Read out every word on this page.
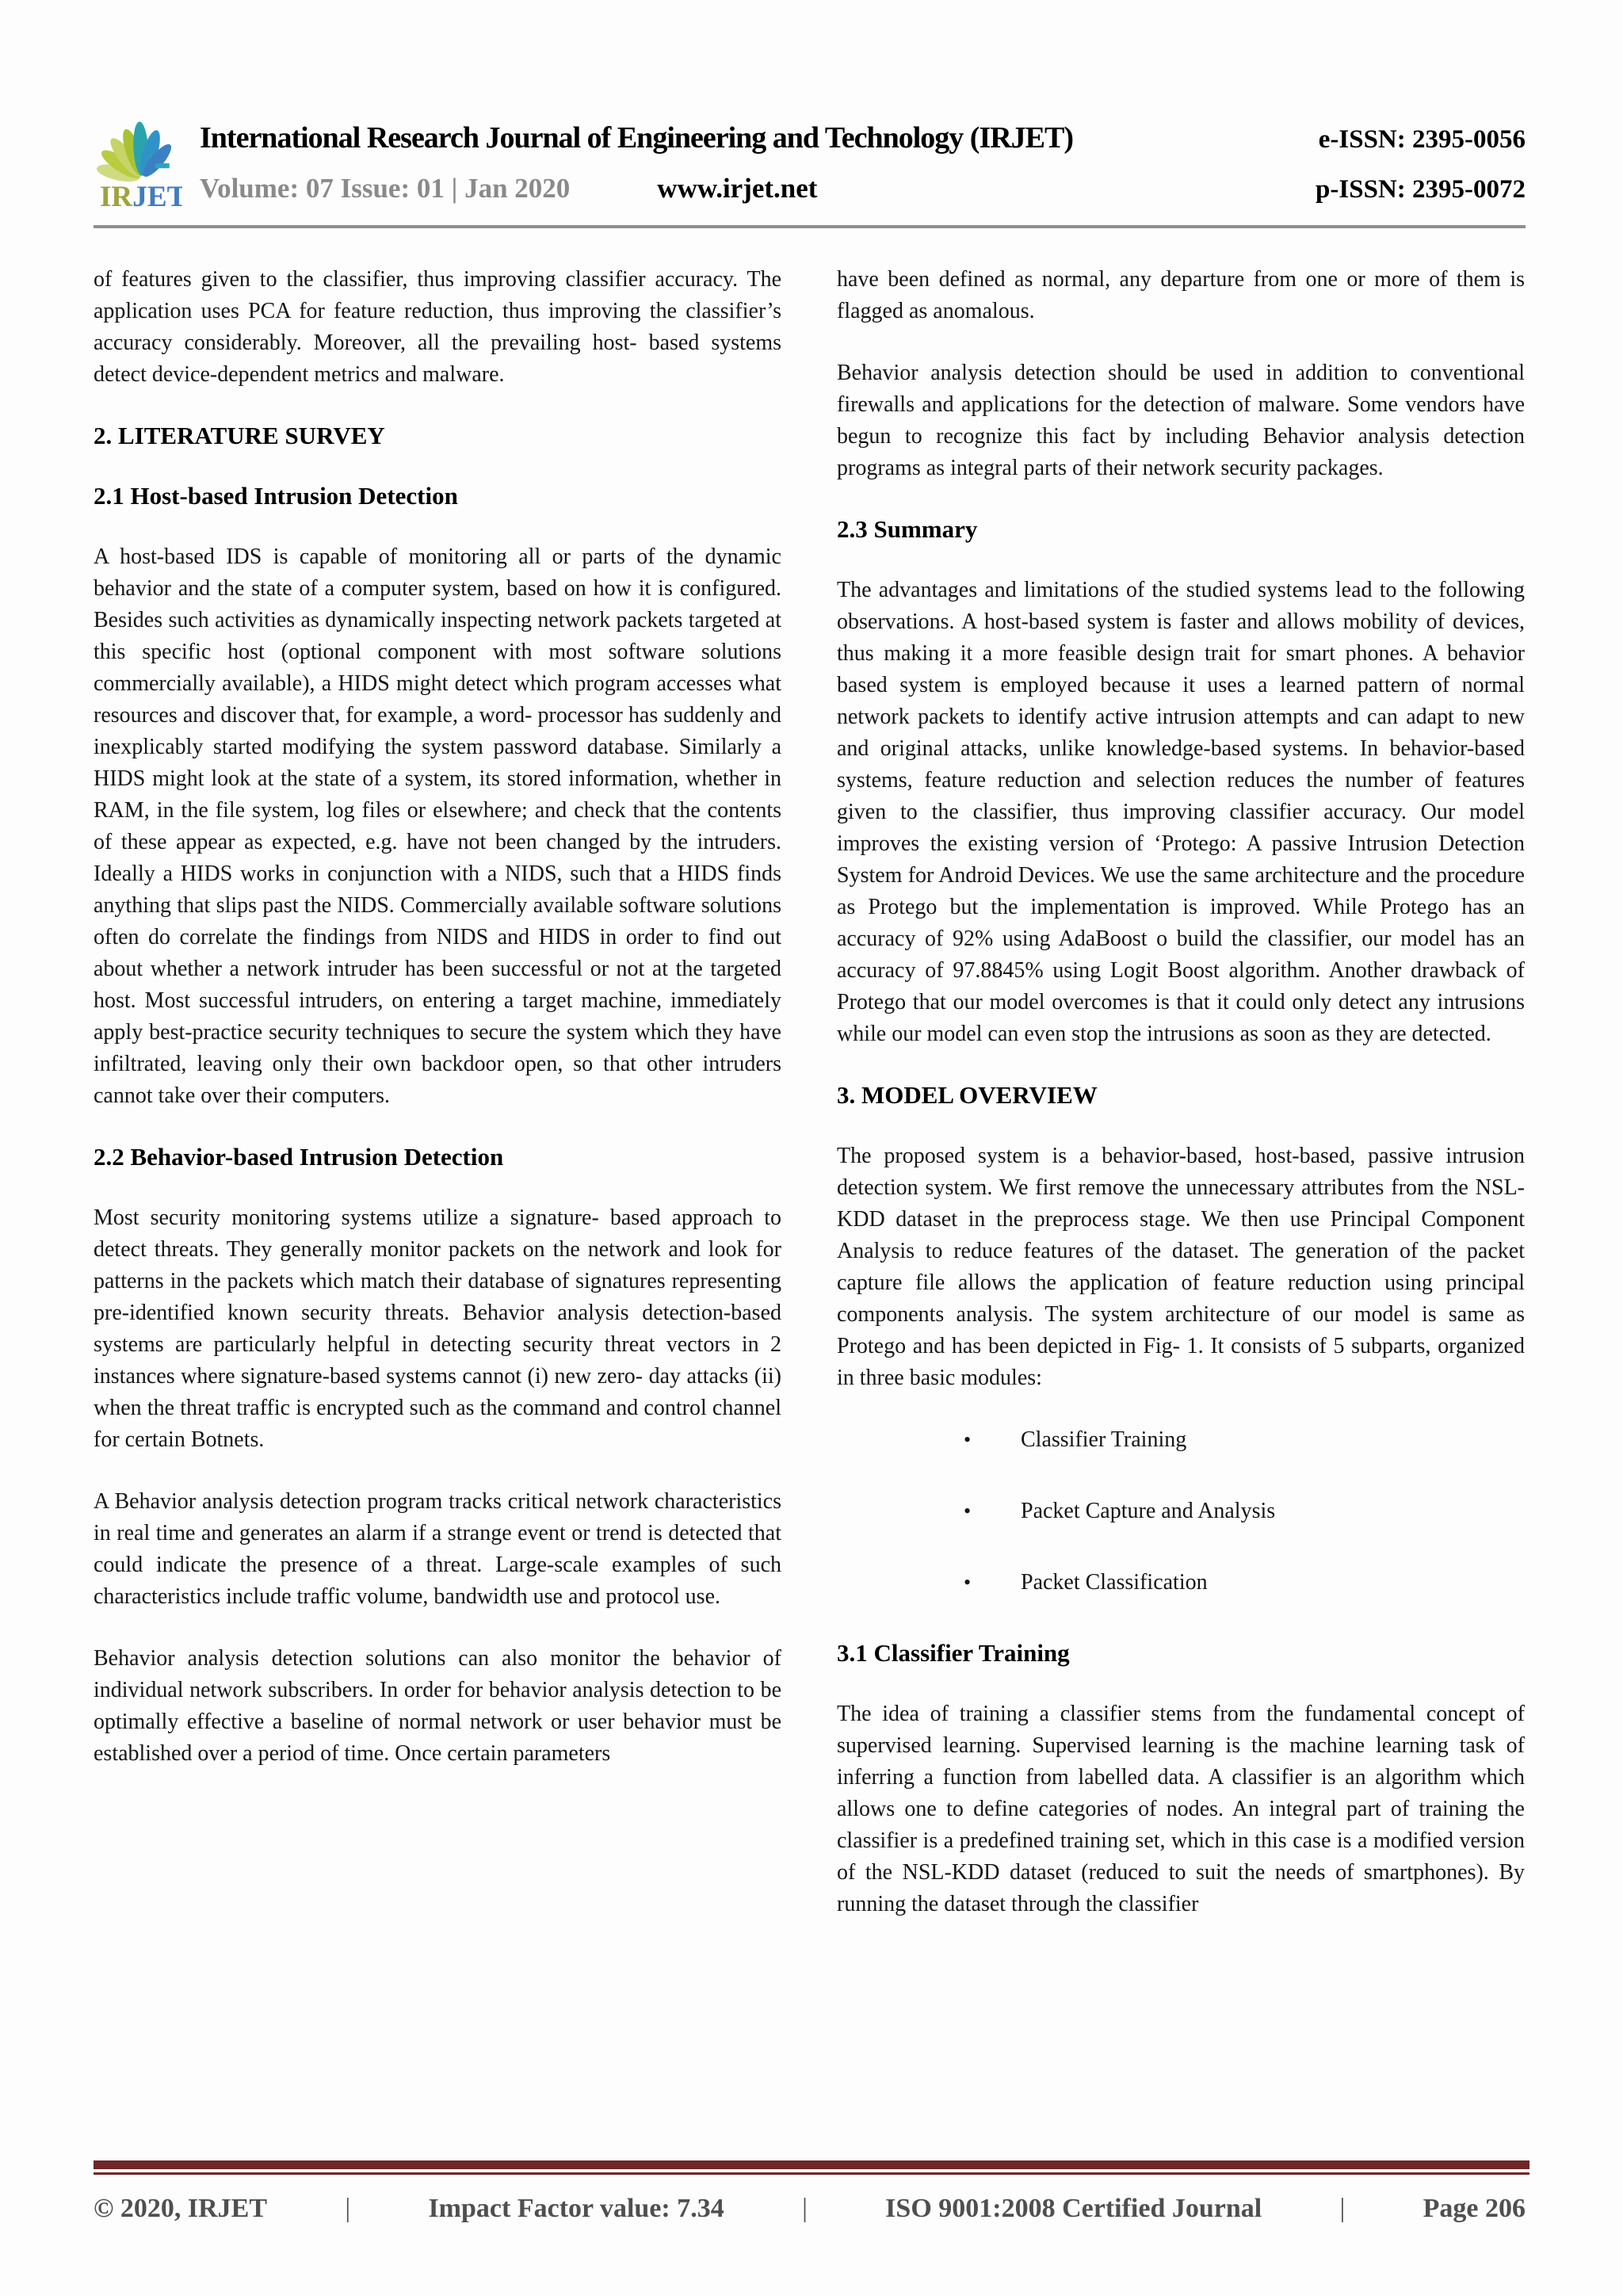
IRJET
International Research Journal of Engineering and Technology (IRJET)	e-ISSN: 2395-0056
Volume: 07 Issue: 01 | Jan 2020	www.irjet.net	p-ISSN: 2395-0072

of features given to the classifier, thus improving classifier accuracy. The application uses PCA for feature reduction, thus improving the classifier’s accuracy considerably. Moreover, all the prevailing host- based systems detect device-dependent metrics and malware.

2. LITERATURE SURVEY
2.1 Host-based Intrusion Detection

A host-based IDS is capable of monitoring all or parts of the dynamic behavior and the state of a computer system, based on how it is configured. Besides such activities as dynamically inspecting network packets targeted at this specific host (optional component with most software solutions commercially available), a HIDS might detect which program accesses what resources and discover that, for example, a word- processor has suddenly and inexplicably started modifying the system password database. Similarly a HIDS might look at the state of a system, its stored information, whether in RAM, in the file system, log files or elsewhere; and check that the contents of these appear as expected, e.g. have not been changed by the intruders. Ideally a HIDS works in conjunction with a NIDS, such that a HIDS finds anything that slips past the NIDS. Commercially available software solutions often do correlate the findings from NIDS and HIDS in order to find out about whether a network intruder has been successful or not at the targeted host. Most successful intruders, on entering a target machine, immediately apply best-practice security techniques to secure the system which they have infiltrated, leaving only their own backdoor open, so that other intruders cannot take over their computers.

2.2 Behavior-based Intrusion Detection

Most security monitoring systems utilize a signature- based approach to detect threats. They generally monitor packets on the network and look for patterns in the packets which match their database of signatures representing pre-identified known security threats. Behavior analysis detection-based systems are particularly helpful in detecting security threat vectors in 2 instances where signature-based systems cannot (i) new zero- day attacks (ii) when the threat traffic is encrypted such as the command and control channel for certain Botnets.

A Behavior analysis detection program tracks critical network characteristics in real time and generates an alarm if a strange event or trend is detected that could indicate the presence of a threat. Large-scale examples of such characteristics include traffic volume, bandwidth use and protocol use.

Behavior analysis detection solutions can also monitor the behavior of individual network subscribers. In order for behavior analysis detection to be optimally effective a baseline of normal network or user behavior must be established over a period of time. Once certain parameters

have been defined as normal, any departure from one or more of them is flagged as anomalous.

Behavior analysis detection should be used in addition to conventional firewalls and applications for the detection of malware. Some vendors have begun to recognize this fact by including Behavior analysis detection programs as integral parts of their network security packages.

2.3 Summary

The advantages and limitations of the studied systems lead to the following observations. A host-based system is faster and allows mobility of devices, thus making it a more feasible design trait for smart phones. A behavior based system is employed because it uses a learned pattern of normal network packets to identify active intrusion attempts and can adapt to new and original attacks, unlike knowledge-based systems. In behavior-based systems, feature reduction and selection reduces the number of features given to the classifier, thus improving classifier accuracy. Our model improves the existing version of ‘Protego: A passive Intrusion Detection System for Android Devices. We use the same architecture and the procedure as Protego but the implementation is improved. While Protego has an accuracy of 92% using AdaBoost o build the classifier, our model has an accuracy of 97.8845% using Logit Boost algorithm. Another drawback of Protego that our model overcomes is that it could only detect any intrusions while our model can even stop the intrusions as soon as they are detected.

3. MODEL OVERVIEW

The proposed system is a behavior-based, host-based, passive intrusion detection system. We first remove the unnecessary attributes from the NSL-KDD dataset in the preprocess stage. We then use Principal Component Analysis to reduce features of the dataset. The generation of the packet capture file allows the application of feature reduction using principal components analysis. The system architecture of our model is same as Protego and has been depicted in Fig- 1. It consists of 5 subparts, organized in three basic modules:

• Classifier Training
• Packet Capture and Analysis
• Packet Classification
3.1 Classifier Training

The idea of training a classifier stems from the fundamental concept of supervised learning. Supervised learning is the machine learning task of inferring a function from labelled data. A classifier is an algorithm which allows one to define categories of nodes. An integral part of training the classifier is a predefined training set, which in this case is a modified version of the NSL-KDD dataset (reduced to suit the needs of smartphones). By running the dataset through the classifier

© 2020, IRJET	|	Impact Factor value: 7.34	|	ISO 9001:2008 Certified Journal	|	Page 206
